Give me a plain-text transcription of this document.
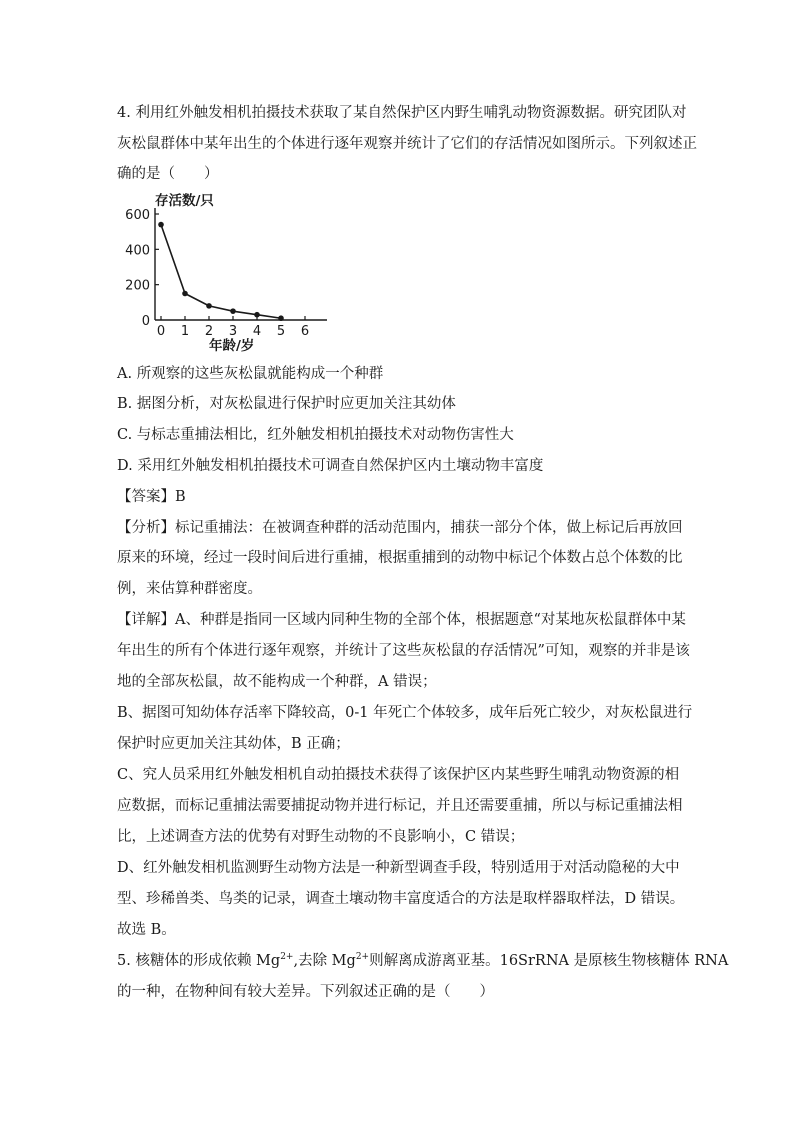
4. 利用红外触发相机拍摄技术获取了某自然保护区内野生哺乳动物资源数据。研究团队对
灰松鼠群体中某年出生的个体进行逐年观察并统计了它们的存活情况如图所示。下列叙述正
确的是（　　）
存活数/只
年龄/岁
0
200
400
600
0 1 2 3 4 5 6
A. 所观察的这些灰松鼠就能构成一个种群
B. 据图分析，对灰松鼠进行保护时应更加关注其幼体
C. 与标志重捕法相比，红外触发相机拍摄技术对动物伤害性大
D. 采用红外触发相机拍摄技术可调查自然保护区内土壤动物丰富度
【答案】B
【分析】标记重捕法：在被调查种群的活动范围内，捕获一部分个体，做上标记后再放回
原来的环境，经过一段时间后进行重捕，根据重捕到的动物中标记个体数占总个体数的比
例，来估算种群密度。
【详解】A、种群是指同一区域内同种生物的全部个体，根据题意“对某地灰松鼠群体中某
年出生的所有个体进行逐年观察，并统计了这些灰松鼠的存活情况”可知，观察的并非是该
地的全部灰松鼠，故不能构成一个种群，A 错误；
B、据图可知幼体存活率下降较高，0-1 年死亡个体较多，成年后死亡较少，对灰松鼠进行
保护时应更加关注其幼体，B 正确；
C、究人员采用红外触发相机自动拍摄技术获得了该保护区内某些野生哺乳动物资源的相
应数据，而标记重捕法需要捕捉动物并进行标记，并且还需要重捕，所以与标记重捕法相
比，上述调查方法的优势有对野生动物的不良影响小，C 错误；
D、红外触发相机监测野生动物方法是一种新型调查手段，特别适用于对活动隐秘的大中
型、珍稀兽类、鸟类的记录，调查土壤动物丰富度适合的方法是取样器取样法，D 错误。
故选 B。
5. 核糖体的形成依赖 $Mg^{2+}$,去除 $Mg^{2+}$则解离成游离亚基。16SrRNA 是原核生物核糖体 RNA
的一种，在物种间有较大差异。下列叙述正确的是（　　）
